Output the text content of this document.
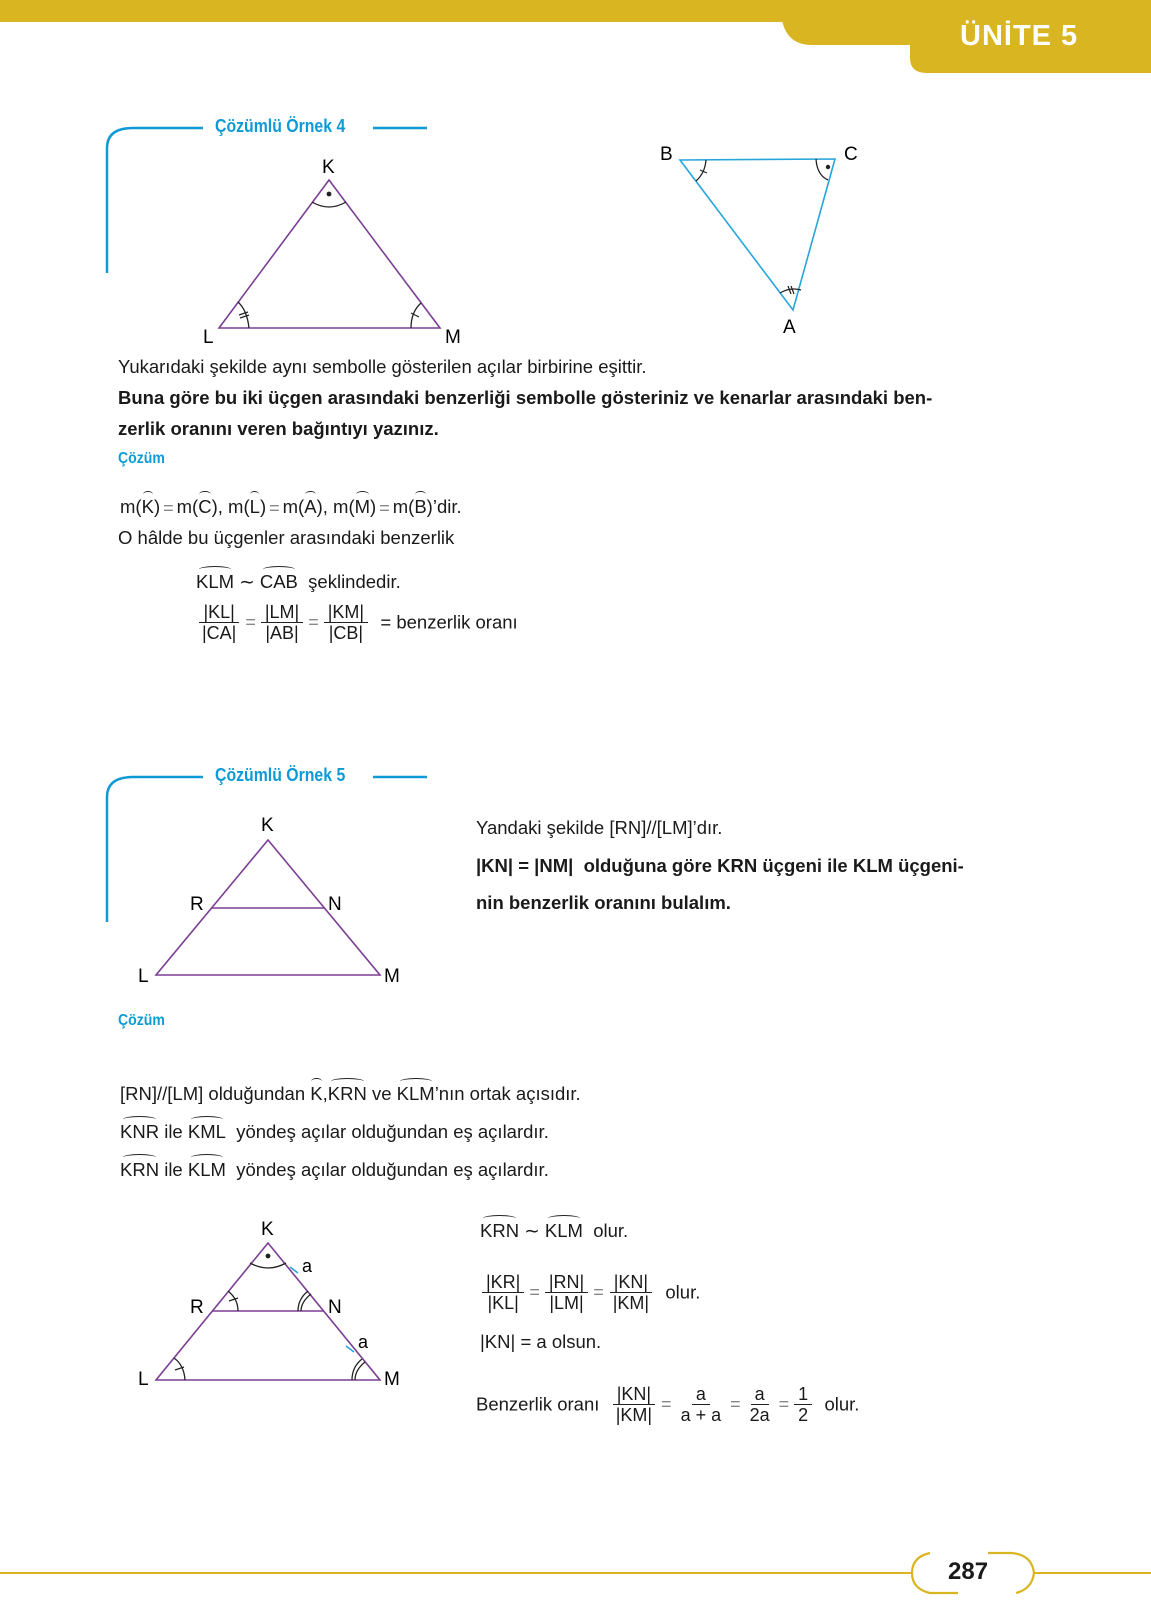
ÜNİTE 5
Çözümlü Örnek 4
K
L	M
B	C
A
Yukarıdaki şekilde aynı sembolle gösterilen açılar birbirine eşittir.
Buna göre bu iki üçgen arasındaki benzerliği sembolle gösteriniz ve kenarlar arasındaki ben-
zerlik oranını veren bağıntıyı yazınız.
Çözüm
m(K) = m(C), m(L) = m(A), m(M) = m(B)’dir.
O hâlde bu üçgenler arasındaki benzerlik
KLM ∼ CAB şeklindedir.
$\frac{|KL|}{|CA|} = \frac{|LM|}{|AB|} = \frac{|KM|}{|CB|}$ = benzerlik oranı
Çözümlü Örnek 5
K
R	N
L	M
Yandaki şekilde [RN]//[LM]’dır.
|KN| = |NM| olduğuna göre KRN üçgeni ile KLM üçgeni-
nin benzerlik oranını bulalım.
Çözüm
[RN]//[LM] olduğundan K,KRN ve KLM’nın ortak açısıdır.
KNR ile KML yöndeş açılar olduğundan eş açılardır.
KRN ile KLM yöndeş açılar olduğundan eş açılardır.
K
R	N
L	M
a
a
KRN ∼ KLM olur.
$\frac{|KR|}{|KL|} = \frac{|RN|}{|LM|} = \frac{|KN|}{|KM|}$ olur.
|KN| = a olsun.
Benzerlik oranı $\frac{|KN|}{|KM|} = \frac{a}{a + a} = \frac{a}{2a} = \frac{1}{2}$ olur.
287
